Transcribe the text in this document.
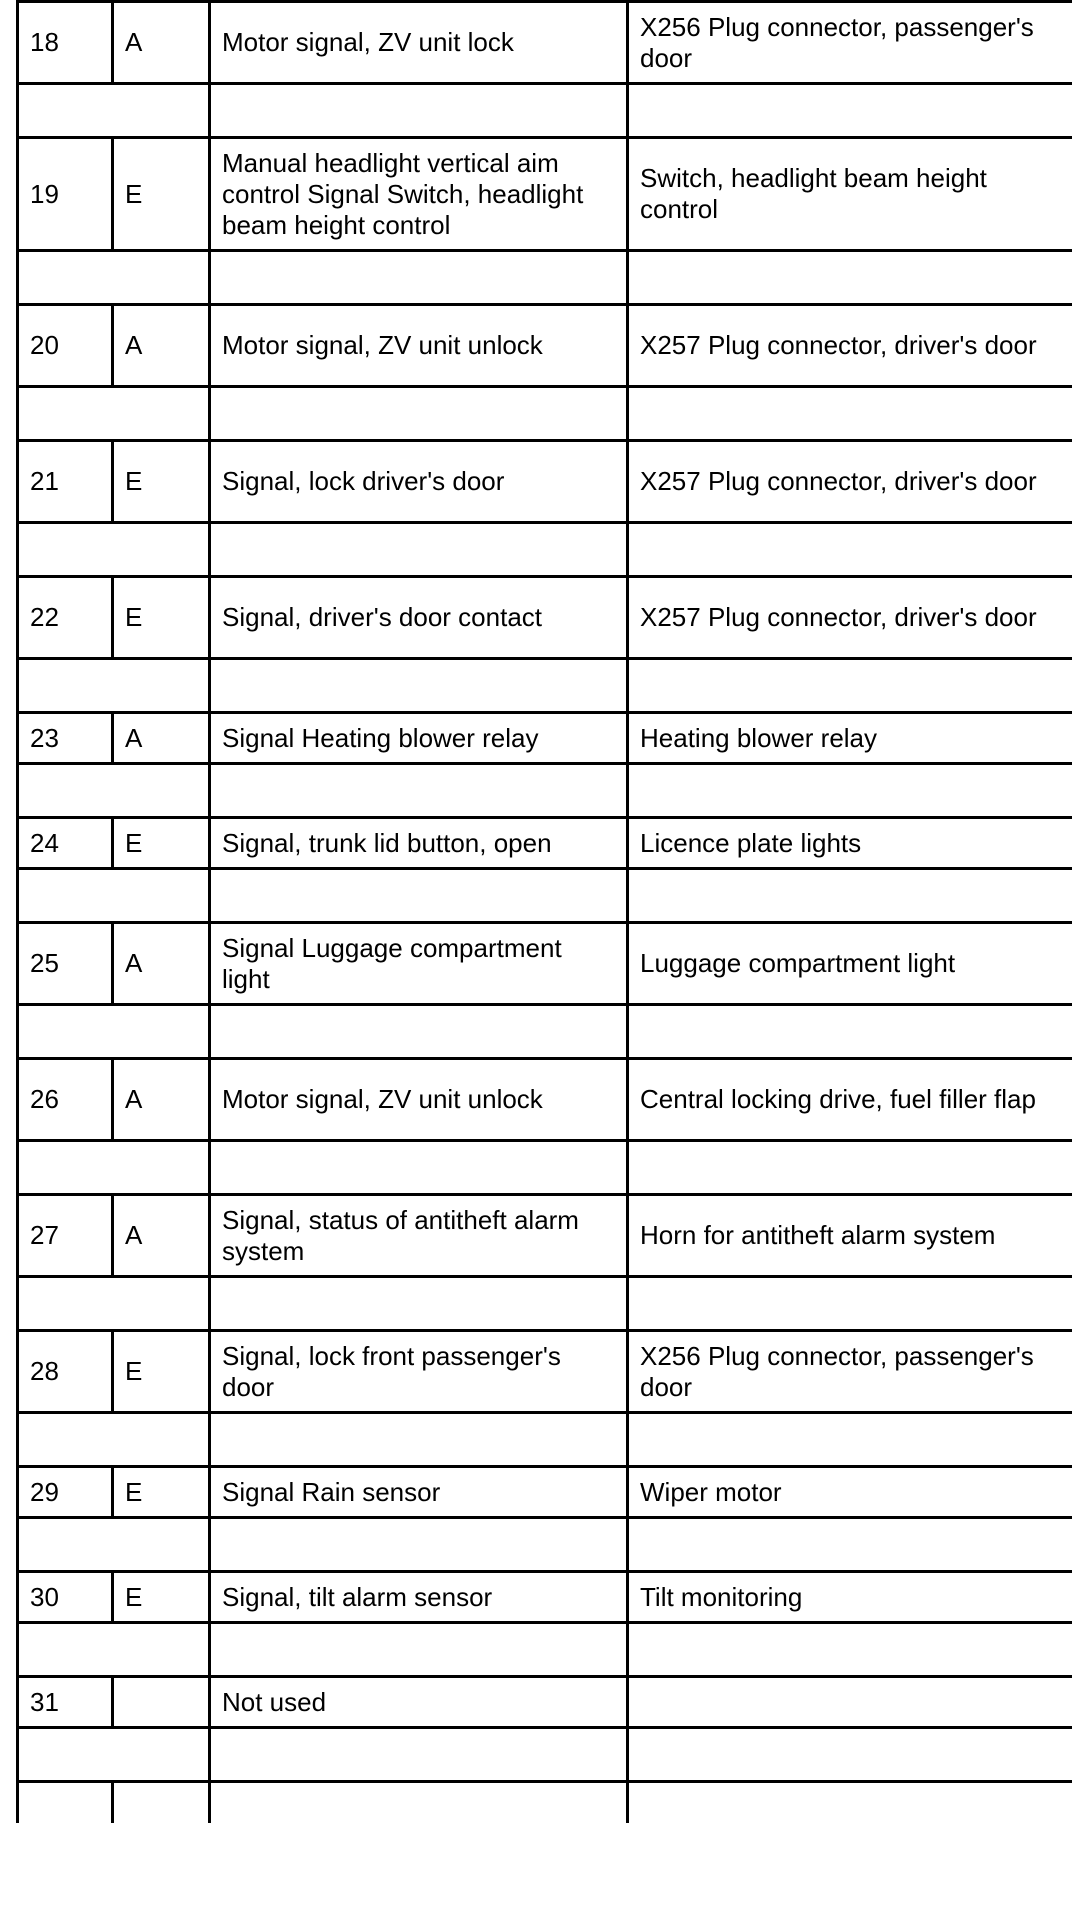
18	A	Motor signal, ZV unit lock	X256 Plug connector, passenger's door

19	E	Manual headlight vertical aim control Signal Switch, headlight beam height control	Switch, headlight beam height control

20	A	Motor signal, ZV unit unlock	X257 Plug connector, driver's door

21	E	Signal, lock driver's door	X257 Plug connector, driver's door

22	E	Signal, driver's door contact	X257 Plug connector, driver's door

23	A	Signal Heating blower relay	Heating blower relay

24	E	Signal, trunk lid button, open	Licence plate lights

25	A	Signal Luggage compartment light	Luggage compartment light

26	A	Motor signal, ZV unit unlock	Central locking drive, fuel filler flap

27	A	Signal, status of antitheft alarm system	Horn for antitheft alarm system

28	E	Signal, lock front passenger's door	X256 Plug connector, passenger's door

29	E	Signal Rain sensor	Wiper motor

30	E	Signal, tilt alarm sensor	Tilt monitoring

31		Not used	
